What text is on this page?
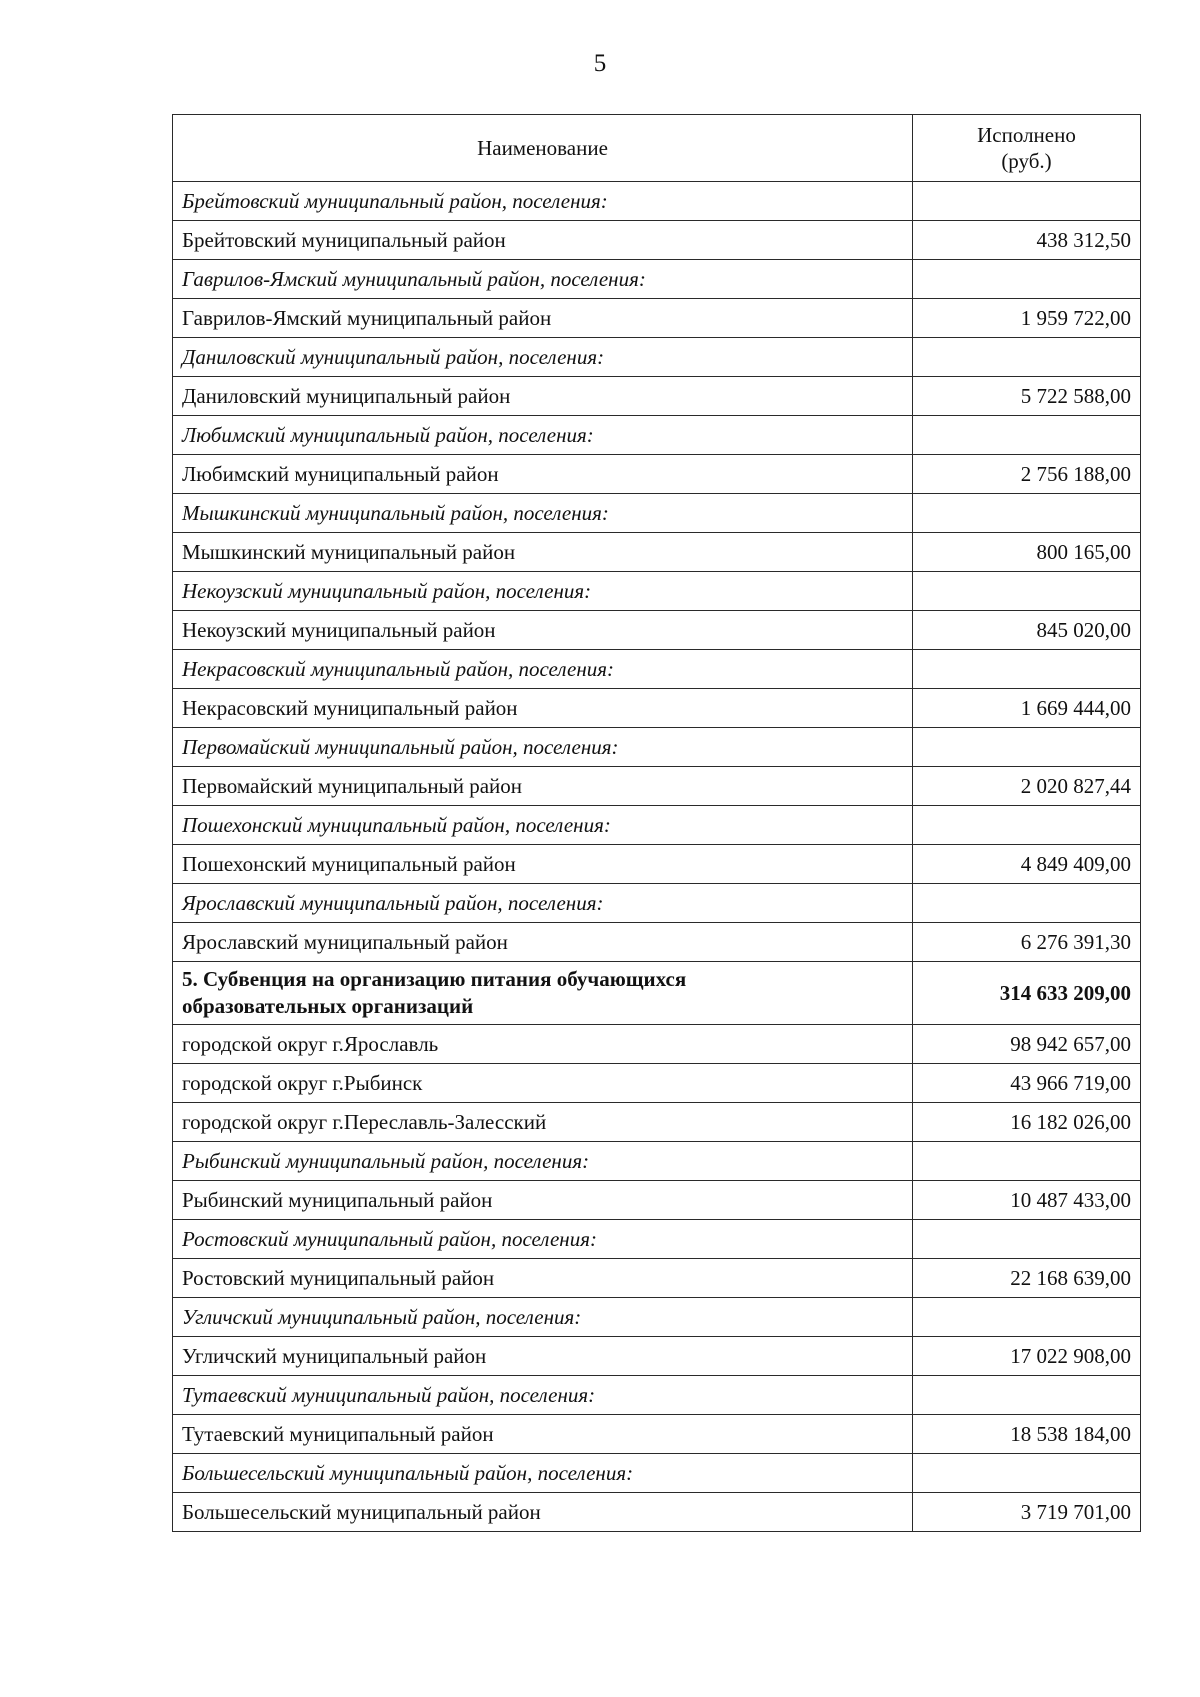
5
Наименование	Исполнено
(руб.)
Брейтовский муниципальный район, поселения:	
Брейтовский муниципальный район	438 312,50
Гаврилов-Ямский муниципальный район, поселения:	
Гаврилов-Ямский муниципальный район	1 959 722,00
Даниловский муниципальный район, поселения:	
Даниловский муниципальный район	5 722 588,00
Любимский муниципальный район, поселения:	
Любимский муниципальный район	2 756 188,00
Мышкинский муниципальный район, поселения:	
Мышкинский муниципальный район	800 165,00
Некоузский муниципальный район, поселения:	
Некоузский муниципальный район	845 020,00
Некрасовский муниципальный район, поселения:	
Некрасовский муниципальный район	1 669 444,00
Первомайский муниципальный район, поселения:	
Первомайский муниципальный район	2 020 827,44
Пошехонский муниципальный район, поселения:	
Пошехонский муниципальный район	4 849 409,00
Ярославский муниципальный район, поселения:	
Ярославский муниципальный район	6 276 391,30
5. Субвенция на организацию питания обучающихся
образовательных организаций	314 633 209,00
городской округ г.Ярославль	98 942 657,00
городской округ г.Рыбинск	43 966 719,00
городской округ г.Переславль-Залесский	16 182 026,00
Рыбинский муниципальный район, поселения:	
Рыбинский муниципальный район	10 487 433,00
Ростовский муниципальный район, поселения:	
Ростовский муниципальный район	22 168 639,00
Угличский муниципальный район, поселения:	
Угличский муниципальный район	17 022 908,00
Тутаевский муниципальный район, поселения:	
Тутаевский муниципальный район	18 538 184,00
Большесельский муниципальный район, поселения:	
Большесельский муниципальный район	3 719 701,00
